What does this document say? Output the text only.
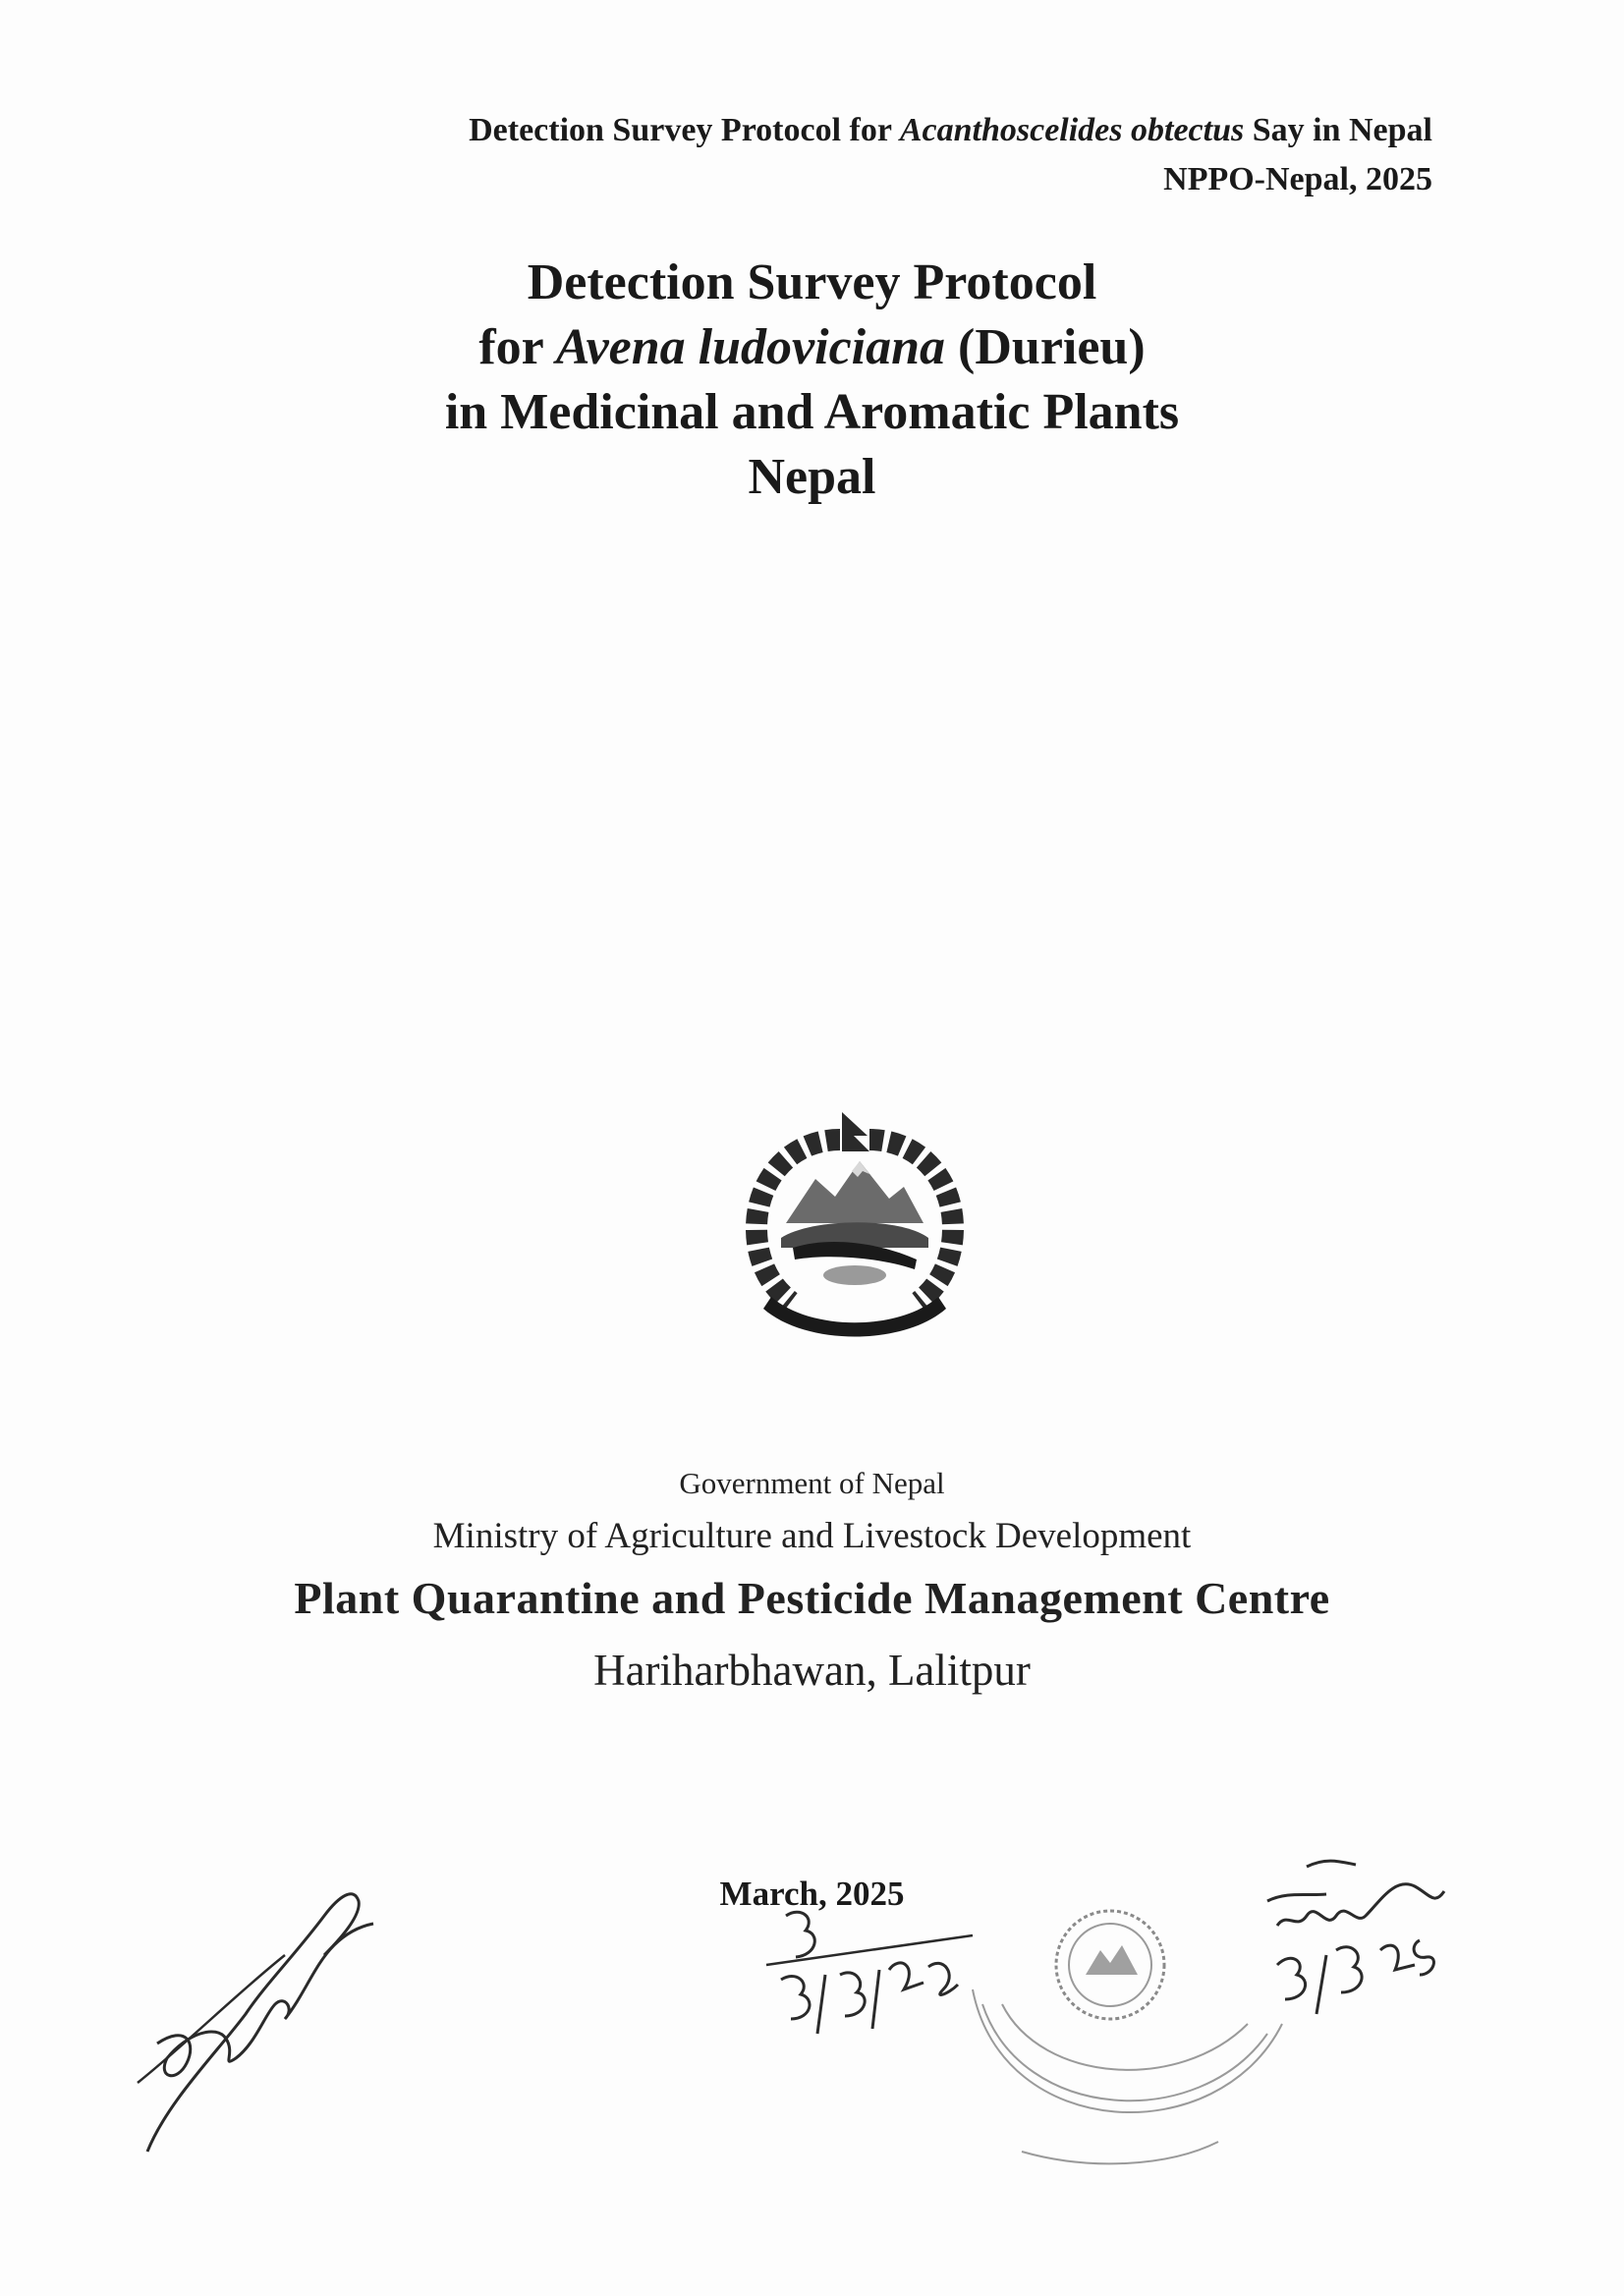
Detection Survey Protocol for Acanthoscelides obtectus Say in Nepal
NPPO-Nepal, 2025
Detection Survey Protocol
for Avena ludoviciana (Durieu)
in Medicinal and Aromatic Plants
Nepal
Government of Nepal
Ministry of Agriculture and Livestock Development
Plant Quarantine and Pesticide Management Centre
Hariharbhawan, Lalitpur
March, 2025
